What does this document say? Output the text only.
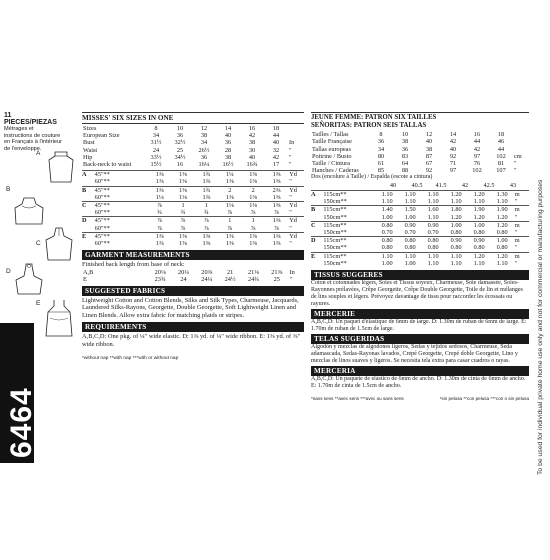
To be used for individual private home use only and not for commercial or manufacturing purposes
11 PIECES/PIEZAS
Métrages et instructions de couture en Français à l'intérieur de l'enveloppe.
A
B
C
D
E
6464
MISSES' SIX SIZES IN ONE
Sizes	8	10	12	14	16	18	
European Size	34	36	38	40	42	44	
Bust	31½	32½	34	36	38	40	In
Waist	24	25	26½	28	30	32	"
Hip	33½	34½	36	38	40	42	"
Back-neck to waist	15½	16	16¼	16½	16¾	17	"
A	45"**	1⅜	1⅜	1¾	1¼	1⅜	1⅜	Yd
	60"**	1⅜	1⅜	1⅜	1⅜	1⅜	1⅜	"
B	45"**	1⅜	1⅜	1¾	2	2	2⅜	Yd
	60"**	1⅛	1⅛	1⅜	1⅜	1⅜	1⅜	"
C	45"**	⅞	1	1	1⅛	1⅛	1⅜	Yd
	60"**	¾	¾	¾	⅞	⅞	⅞	"
D	45"**	⅞	⅞	⅞	1	1	1⅜	Yd
	60"**	⅞	⅞	⅞	⅞	⅞	⅞	"
E	45"**	1⅜	1⅜	1⅜	1⅜	1⅜	1⅜	Yd
	60"**	1⅜	1⅜	1⅜	1⅜	1⅜	1⅜	"
GARMENT MEASUREMENTS
Finished back length from base of neck:
A,B	20⅛	20¼	20⅜	21	21⅛	21⅜	In
E	23¾	24	24¼	24½	24¾	25	"
SUGGESTED FABRICS
Lightweight Cotton and Cotton Blends, Silks and Silk Types, Charmeuse, Jacquards, Laundered Silks-Rayons, Georgette, Double Georgette, Soft Lightweight Linen and Linen Blends. Allow extra fabric for matching plaids or stripes.
REQUIREMENTS
A,B,C,D: One pkg. of ¼" wide elastic. D: 1⅜ yd. of ¼" wide ribbon. E: 1⅜ yd. of ⅜" wide ribbon.
*without nap **with nap ***with or without nap
JEUNE FEMME: PATRON SIX TAILLES
SEÑORITAS: PATRON SEIS TALLAS
Tailles / Tallas	8	10	12	14	16	18	
Taille Française	36	38	40	42	44	46	
Tallas europeas	34	36	38	40	42	44	
Poitrine / Busto	80	83	87	92	97	102	cm
Taille / Cintura	61	64	67	71	76	81	"
Hanches / Caderas	85	88	92	97	102	107	"
Dos (encolure à Taille) / Espalda (escote a cintura)
	40	40.5	41.5	42	42.5	43
A	115cm**	1.10	1.10	1.10	1.20	1.20	1.30	m
	150cm**	1.10	1.10	1.10	1.10	1.10	1.10	"
B	115cm**	1.40	1.50	1.60	1.80	1.90	1.90	m
	150cm**	1.00	1.00	1.10	1.20	1.20	1.20	"
C	115cm**	0.80	0.90	0.90	1.00	1.00	1.20	m
	150cm**	0.70	0.70	0.70	0.80	0.80	0.80	"
D	115cm**	0.80	0.80	0.80	0.90	0.90	1.00	m
	150cm**	0.80	0.80	0.80	0.80	0.80	0.80	"
E	115cm**	1.10	1.10	1.10	1.10	1.20	1.20	m
	150cm**	1.00	1.00	1.10	1.10	1.10	1.10	"
TISSUS SUGGERES
Coton et cotonnades légers, Soies et Tissus soyeux, Charmeuse, Soie damassée, Soies-Rayonnes prélavées, Crêpe Georgette, Crêpe Double Georgette, Toile de lin et mélanges de lins souples et légers. Prévoyez davantage de tissu pour raccorder les écossais ou rayures.
MERCERIE
A,B,C,D: Un paquet d'élastique de 6mm de large. D: 1.30m de ruban de 6mm de large. E: 1.70m de ruban de 1.5cm de large.
TELAS SUGERIDAS
Algodón y mezclas de algodones ligeros, Sedas y tejidos sedosos, Charmeuse, Seda adamascada, Sedas-Rayonas lavados, Crepé Georgette, Crepé doble Georgette, Lino y mezclas de linos suaves y ligeros. Se necesita tela extra para casar cuadros o rayas.
MERCERIA
A,B,C,D: Un paquete de elástico de 6mm de ancho. D: 1.30m de cinta de 6mm de ancho. E: 1.70m de cinta de 1.5cm de ancho.
*sans sens **avec sens ***avec ou sans sens	*sin pelusa **con pelusa ***con o sin pelusa
